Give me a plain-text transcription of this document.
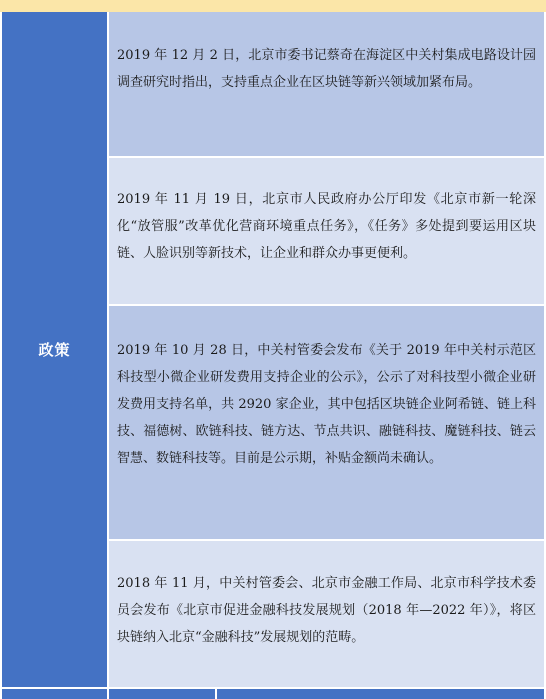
政策

2019 年 12 月 2 日，北京市委书记蔡奇在海淀区中关村集成电路设计园调查研究时指出，支持重点企业在区块链等新兴领域加紧布局。

2019 年 11 月 19 日，北京市人民政府办公厅印发《北京市新一轮深化“放管服”改革优化营商环境重点任务》，《任务》多处提到要运用区块链、人脸识别等新技术，让企业和群众办事更便利。

2019 年 10 月 28 日，中关村管委会发布《关于 2019 年中关村示范区科技型小微企业研发费用支持企业的公示》，公示了对科技型小微企业研发费用支持名单，共 2920 家企业，其中包括区块链企业阿希链、链上科技、福德树、欧链科技、链方达、节点共识、融链科技、魔链科技、链云智慧、数链科技等。目前是公示期，补贴金额尚未确认。

2018 年 11 月，中关村管委会、北京市金融工作局、北京市科学技术委员会发布《北京市促进金融科技发展规划（2018 年—2022 年）》，将区块链纳入北京“金融科技”发展规划的范畴。
